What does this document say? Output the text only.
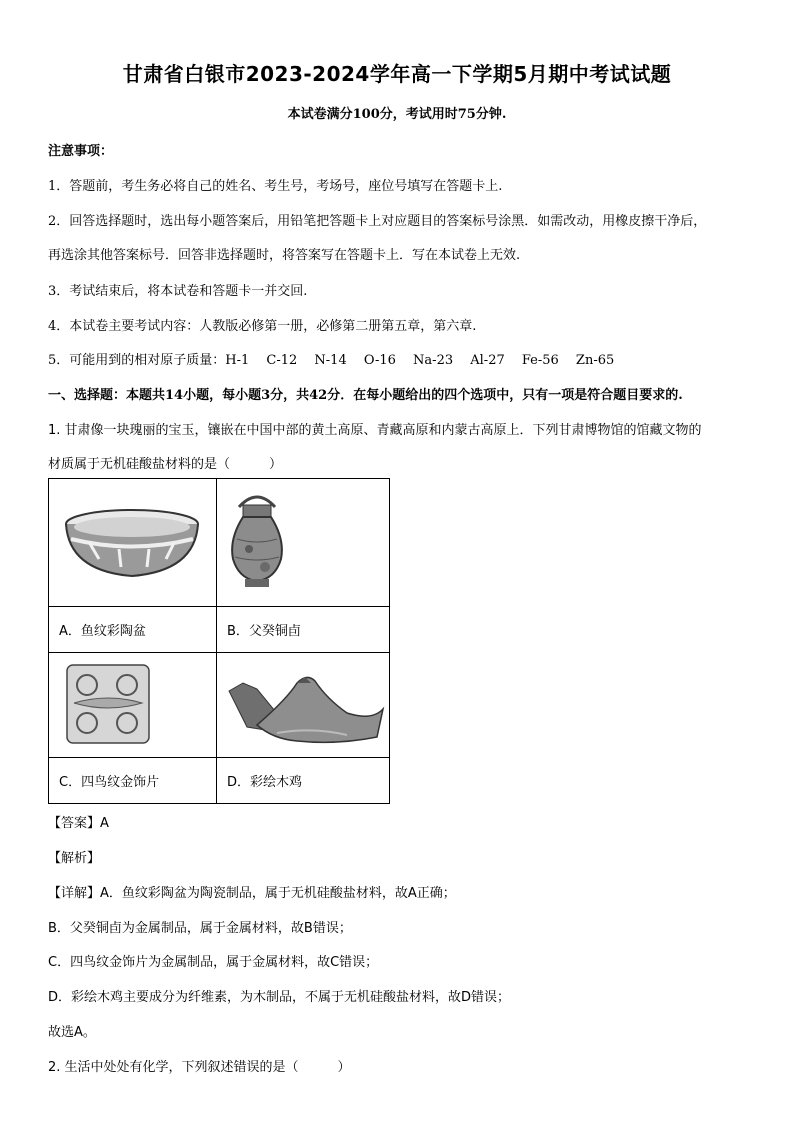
甘肃省白银市2023-2024学年高一下学期5月期中考试试题
本试卷满分100分，考试用时75分钟.
注意事项：
1．答题前，考生务必将自己的姓名、考生号，考场号，座位号填写在答题卡上.
2．回答选择题时，选出每小题答案后，用铅笔把答题卡上对应题目的答案标号涂黑．如需改动，用橡皮擦干净后，
再选涂其他答案标号．回答非选择题时，将答案写在答题卡上．写在本试卷上无效.
3．考试结束后，将本试卷和答题卡一并交回.
4．本试卷主要考试内容：人教版必修第一册，必修第二册第五章，第六章.
5．可能用到的相对原子质量：H-1　 C-12　 N-14　 O-16　 Na-23　 Al-27　 Fe-56　 Zn-65
一、选择题：本题共14小题，每小题3分，共42分．在每小题给出的四个选项中，只有一项是符合题目要求的.
1. 甘肃像一块瑰丽的宝玉，镶嵌在中国中部的黄土高原、青藏高原和内蒙古高原上．下列甘肃博物馆的馆藏文物的
材质属于无机硅酸盐材料的是（　　　）

A．鱼纹彩陶盆	B．父癸铜卣

C．四鸟纹金饰片	D．彩绘木鸡
【答案】A
【解析】
【详解】A．鱼纹彩陶盆为陶瓷制品，属于无机硅酸盐材料，故A正确；
B．父癸铜卣为金属制品，属于金属材料，故B错误；
C．四鸟纹金饰片为金属制品，属于金属材料，故C错误；
D．彩绘木鸡主要成分为纤维素，为木制品，不属于无机硅酸盐材料，故D错误；
故选A。
2. 生活中处处有化学，下列叙述错误的是（　　　）
